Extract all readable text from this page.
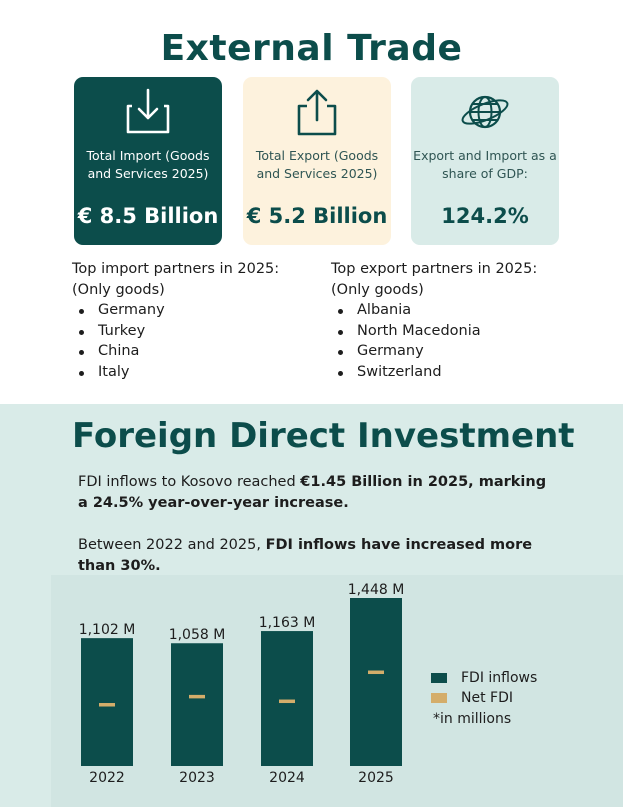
External Trade
Total Import (Goods and Services 2025)
€ 8.5 Billion
Total Export (Goods and Services 2025)
€ 5.2 Billion
Export and Import as a share of GDP:
124.2%
Top import partners in 2025:
(Only goods)
Germany
Turkey
China
Italy
Top export partners in 2025:
(Only goods)
Albania
North Macedonia
Germany
Switzerland
Foreign Direct Investment
FDI inflows to Kosovo reached €1.45 Billion in 2025, marking a 24.5% year-over-year increase.
Between 2022 and 2025, FDI inflows have increased more than 30%.
1,102 M
2022
1,058 M
2023
1,163 M
2024
1,448 M
2025
FDI inflows
Net FDI
*in millions
